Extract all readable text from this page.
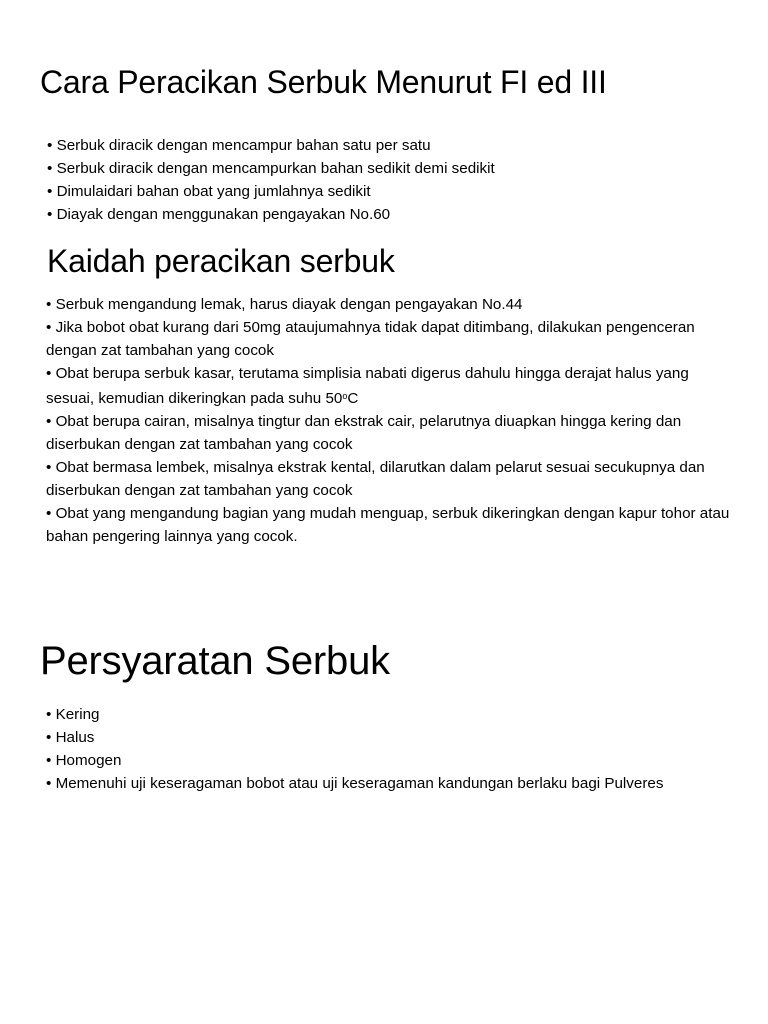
Cara Peracikan Serbuk Menurut FI ed III
• Serbuk diracik dengan mencampur bahan satu per satu
• Serbuk diracik dengan mencampurkan bahan sedikit demi sedikit
• Dimulaidari bahan obat yang jumlahnya sedikit
• Diayak dengan menggunakan pengayakan No.60
Kaidah peracikan serbuk
• Serbuk mengandung lemak, harus diayak dengan pengayakan No.44
• Jika bobot obat kurang dari 50mg ataujumahnya tidak dapat ditimbang, dilakukan pengenceran dengan zat tambahan yang cocok
• Obat berupa serbuk kasar, terutama simplisia nabati digerus dahulu hingga derajat halus yang sesuai, kemudian dikeringkan pada suhu 50$^o$C
• Obat berupa cairan, misalnya tingtur dan ekstrak cair, pelarutnya diuapkan hingga kering dan diserbukan dengan zat tambahan yang cocok
• Obat bermasa lembek, misalnya ekstrak kental, dilarutkan dalam pelarut sesuai secukupnya dan diserbukan dengan zat tambahan yang cocok
• Obat yang mengandung bagian yang mudah menguap, serbuk dikeringkan dengan kapur tohor atau bahan pengering lainnya yang cocok.
Persyaratan Serbuk
• Kering
• Halus
• Homogen
• Memenuhi uji keseragaman bobot atau uji keseragaman kandungan berlaku bagi Pulveres
